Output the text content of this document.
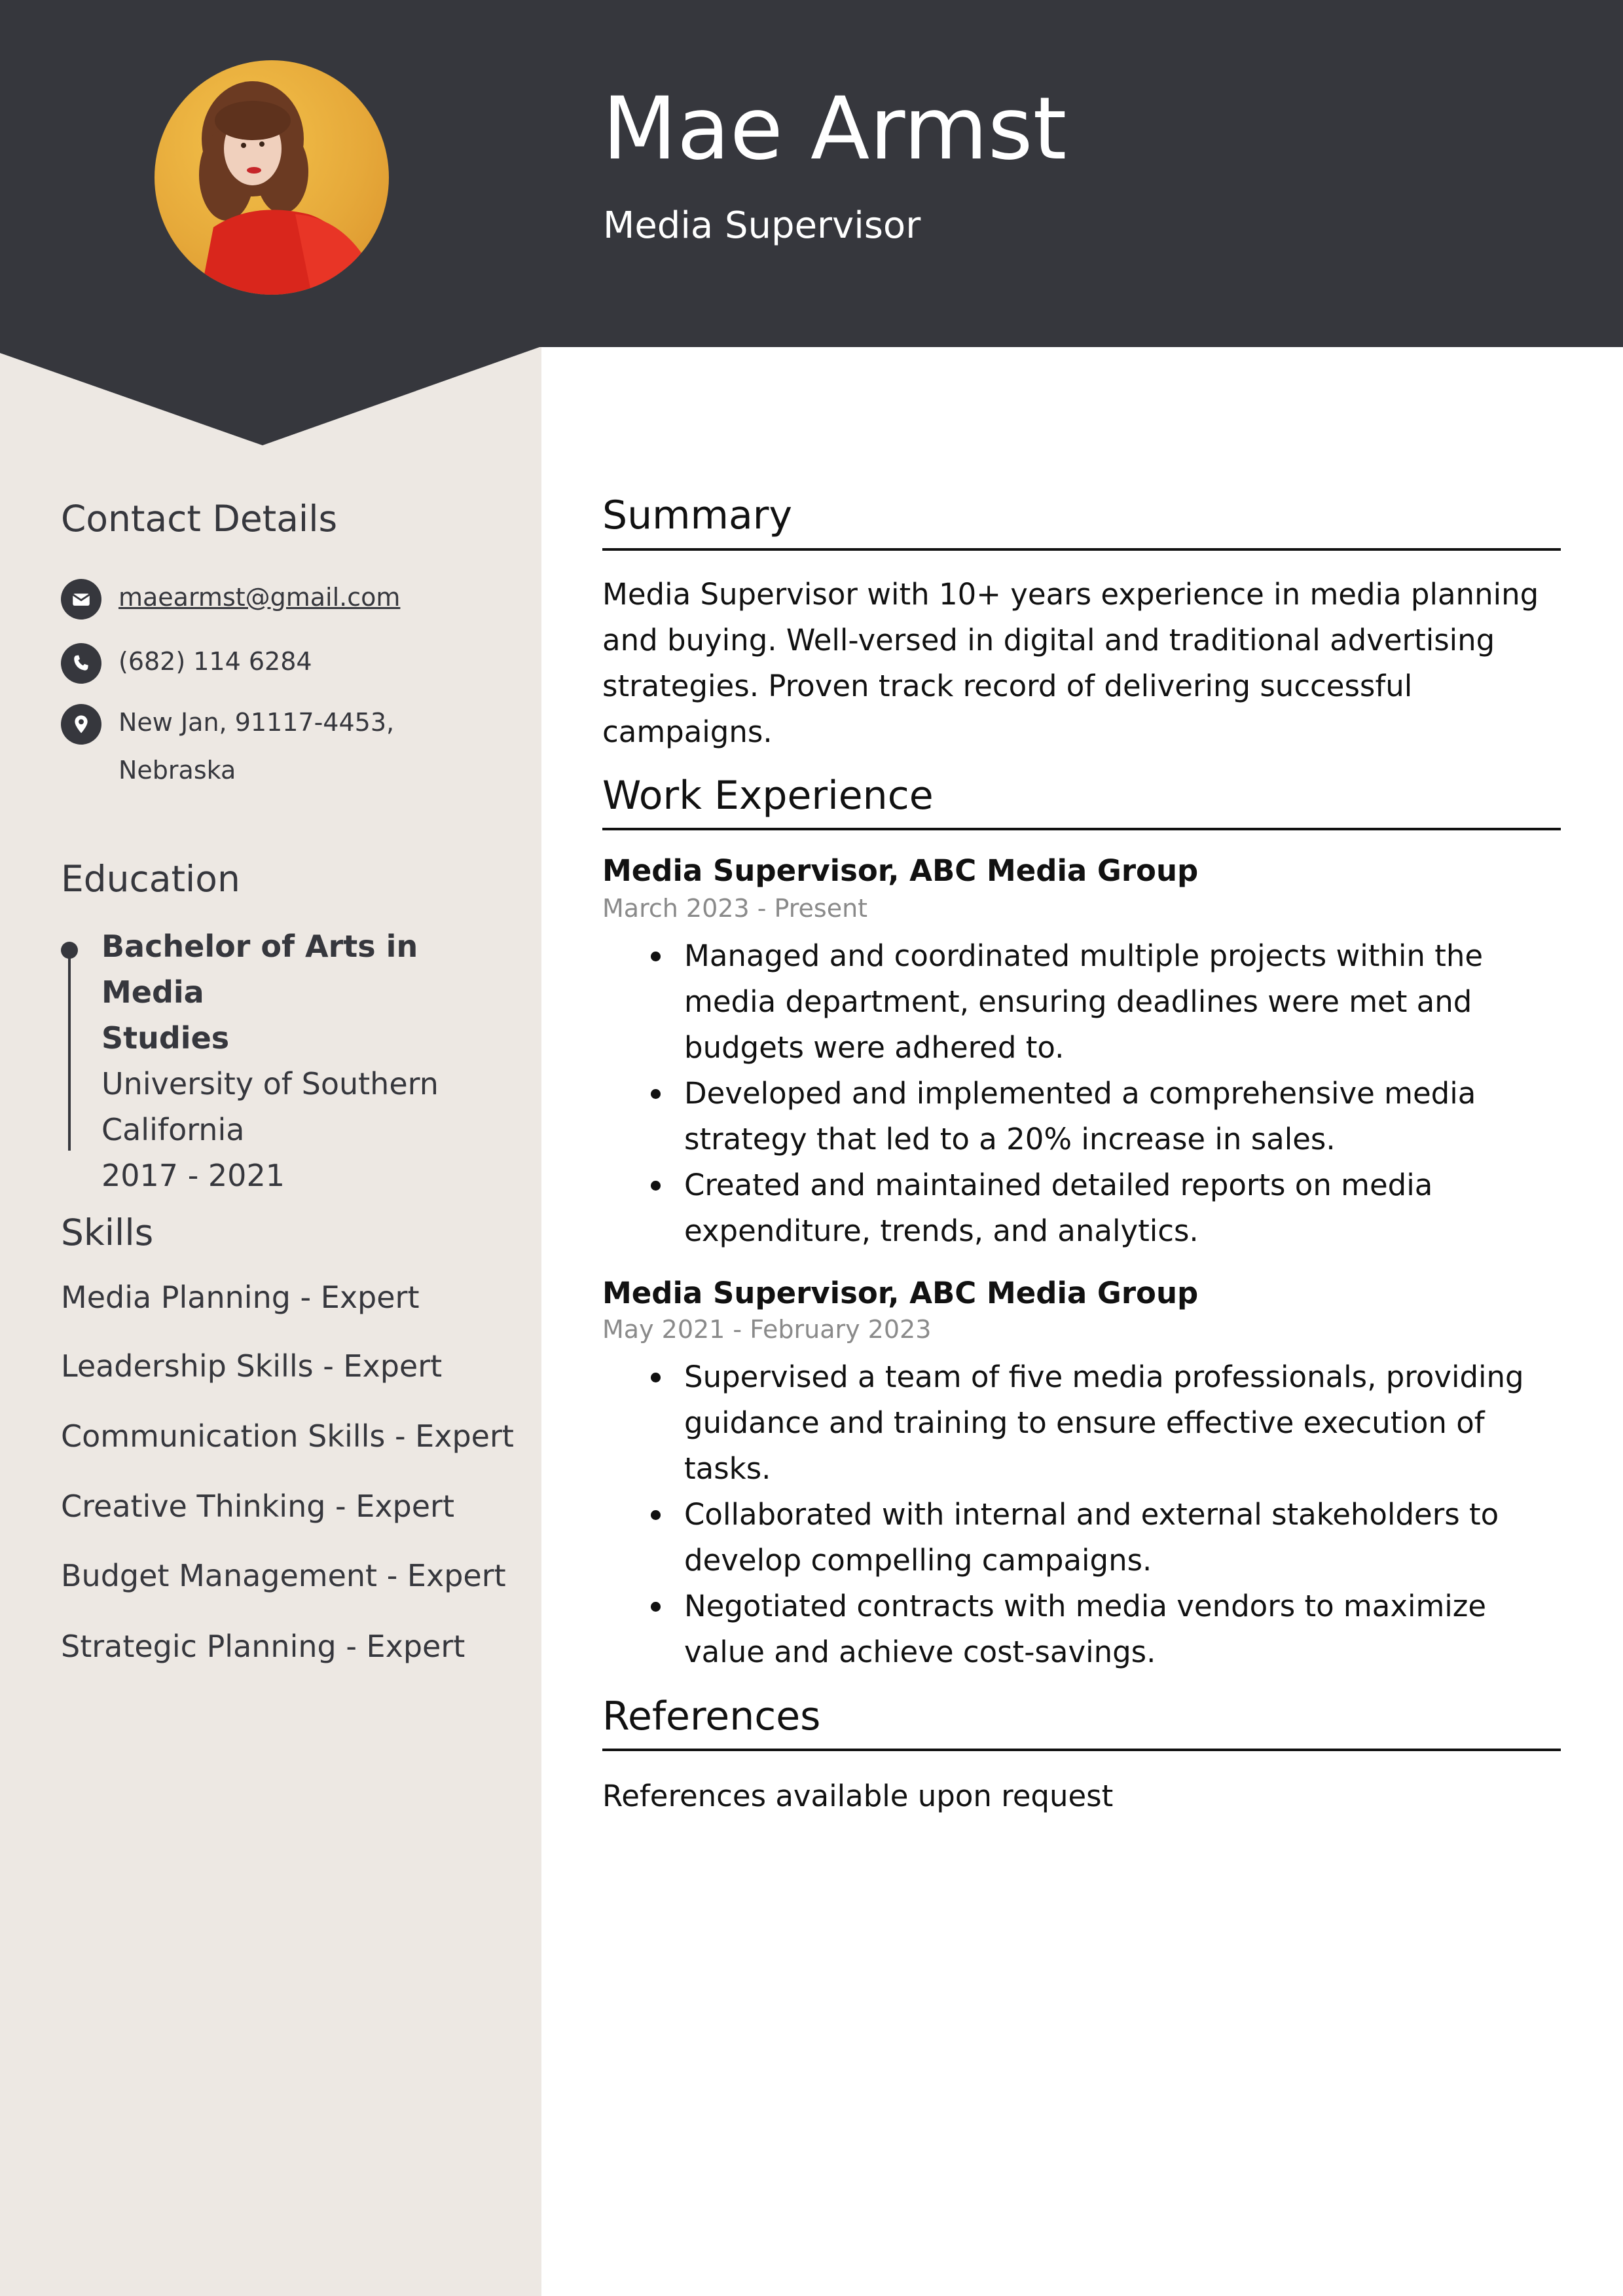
Mae Armst
Media Supervisor
Contact Details
maearmst@gmail.com
(682) 114 6284
New Jan, 91117-4453,
Nebraska
Education
Bachelor of Arts in Media
Studies
University of Southern
California
2017 - 2021
Skills

Media Planning - Expert

Leadership Skills - Expert

Communication Skills - Expert

Creative Thinking - Expert

Budget Management - Expert

Strategic Planning - Expert

Summary

Media Supervisor with 10+ years experience in media planning and buying. Well-versed in digital and traditional advertising strategies. Proven track record of delivering successful campaigns.

Work Experience

Media Supervisor, ABC Media Group

March 2023 - Present

Managed and coordinated multiple projects within the media department, ensuring deadlines were met and budgets were adhered to.
Developed and implemented a comprehensive media strategy that led to a 20% increase in sales.
Created and maintained detailed reports on media expenditure, trends, and analytics.

Media Supervisor, ABC Media Group

May 2021 - February 2023

Supervised a team of five media professionals, providing guidance and training to ensure effective execution of tasks.
Collaborated with internal and external stakeholders to develop compelling campaigns.
Negotiated contracts with media vendors to maximize value and achieve cost-savings.
References

References available upon request
